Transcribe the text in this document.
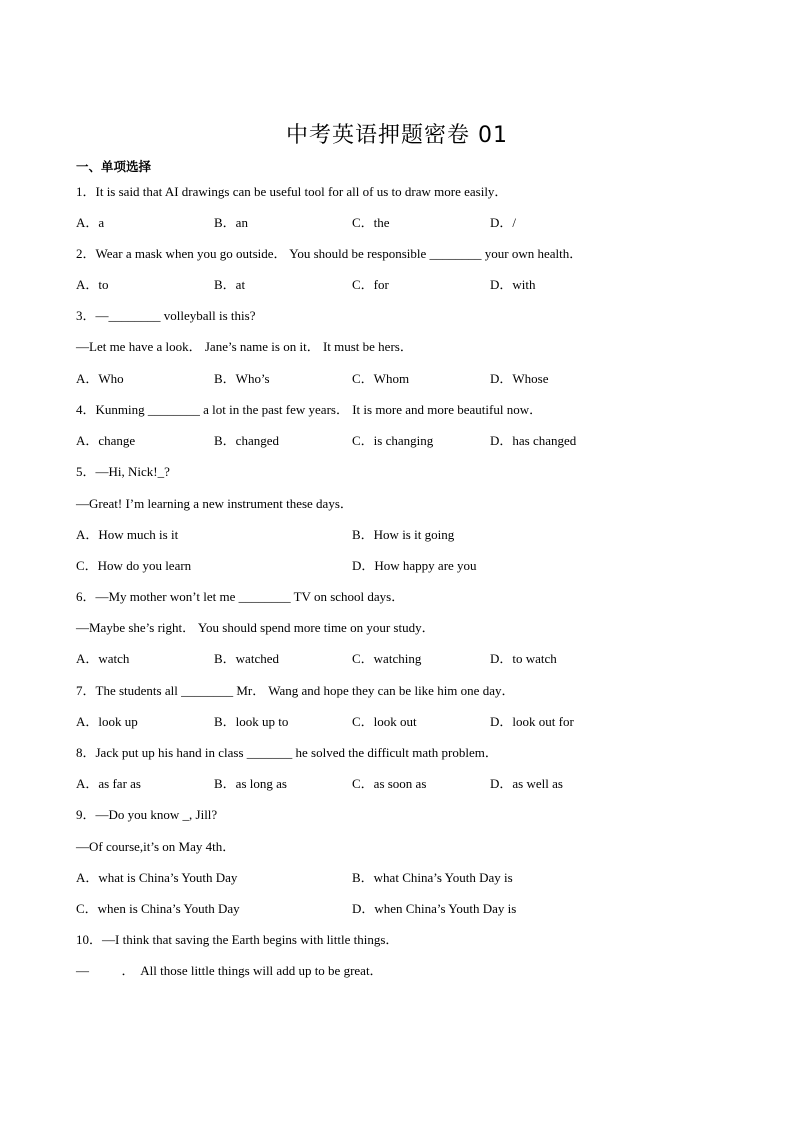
中考英语押题密卷 01
一、单项选择
1．It is said that AI drawings can be useful tool for all of us to draw more easily．
A．a	B．an	C．the	D．/
2．Wear a mask when you go outside． You should be responsible ________ your own health．
A．to	B．at	C．for	D．with
3．—________ volleyball is this?
—Let me have a look． Jane’s name is on it． It must be hers．
A．Who	B．Who’s	C．Whom	D．Whose
4．Kunming ________ a lot in the past few years． It is more and more beautiful now．
A．change	B．changed	C．is changing	D．has changed
5．—Hi, Nick!_?
—Great! I’m learning a new instrument these days．
A．How much is it	B．How is it going
C．How do you learn	D．How happy are you
6．—My mother won’t let me ________ TV on school days．
—Maybe she’s right． You should spend more time on your study．
A．watch	B．watched	C．watching	D．to watch
7．The students all ________ Mr． Wang and hope they can be like him one day．
A．look up	B．look up to	C．look out	D．look out for
8．Jack put up his hand in class _______ he solved the difficult math problem．
A．as far as	B．as long as	C．as soon as	D．as well as
9．—Do you know _, Jill?
—Of course,it’s on May 4th．
A．what is China’s Youth Day	B．what China’s Youth Day is
C．when is China’s Youth Day	D．when China’s Youth Day is
10．—I think that saving the Earth begins with little things．
—          ．  All those little things will add up to be great．
